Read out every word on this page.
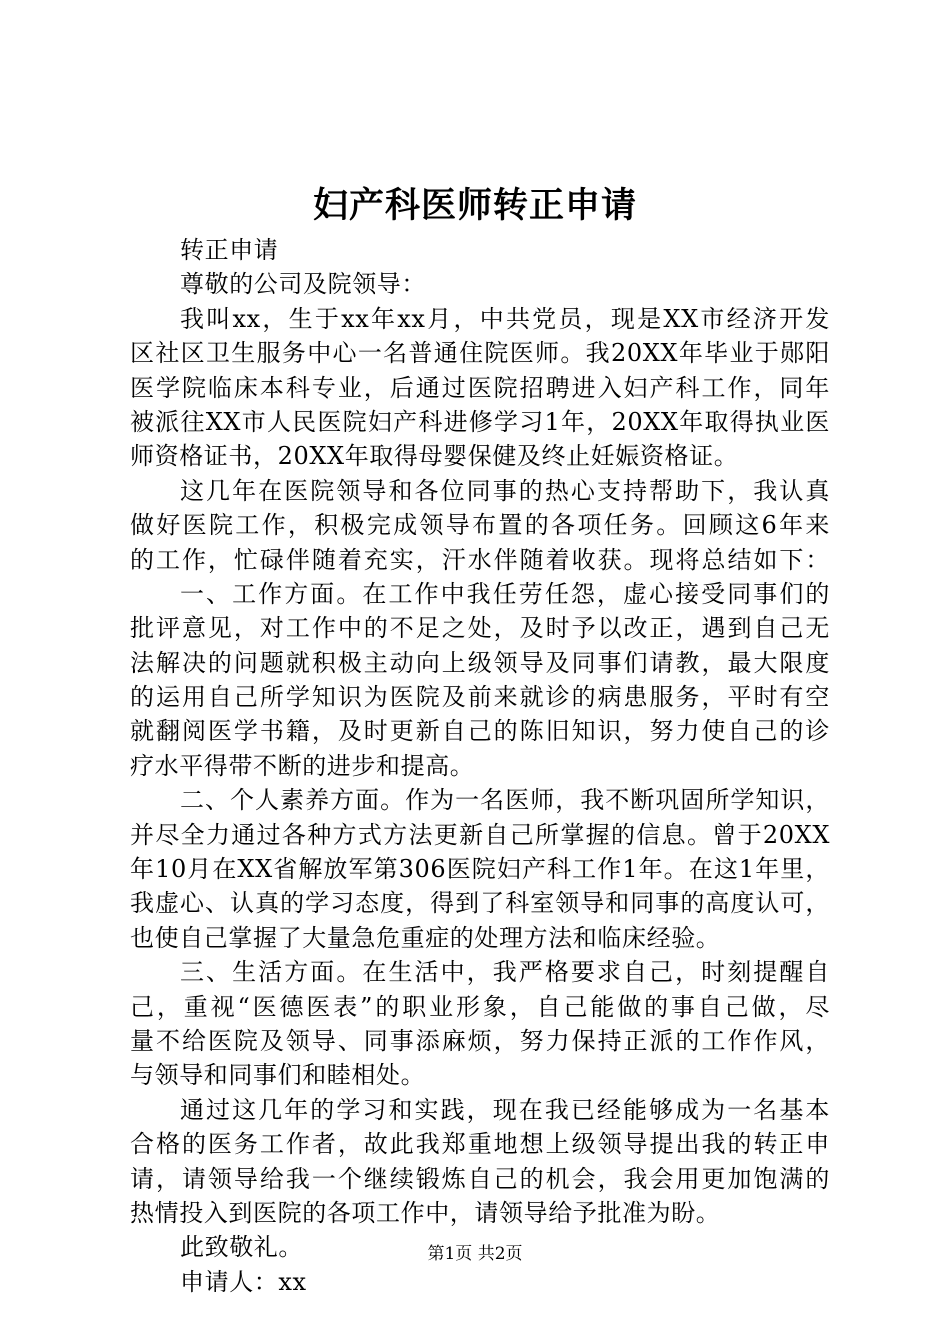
妇产科医师转正申请
转正申请
尊敬的公司及院领导：
我叫xx，生于xx年xx月，中共党员，现是XX市经济开发
区社区卫生服务中心一名普通住院医师。我20XX年毕业于郧阳
医学院临床本科专业，后通过医院招聘进入妇产科工作，同年
被派往XX市人民医院妇产科进修学习1年，20XX年取得执业医
师资格证书，20XX年取得母婴保健及终止妊娠资格证。
这几年在医院领导和各位同事的热心支持帮助下，我认真
做好医院工作，积极完成领导布置的各项任务。回顾这6年来
的工作，忙碌伴随着充实，汗水伴随着收获。现将总结如下：
一、工作方面。在工作中我任劳任怨，虚心接受同事们的
批评意见，对工作中的不足之处，及时予以改正，遇到自己无
法解决的问题就积极主动向上级领导及同事们请教，最大限度
的运用自己所学知识为医院及前来就诊的病患服务，平时有空
就翻阅医学书籍，及时更新自己的陈旧知识，努力使自己的诊
疗水平得带不断的进步和提高。
二、个人素养方面。作为一名医师，我不断巩固所学知识，
并尽全力通过各种方式方法更新自己所掌握的信息。曾于20XX
年10月在XX省解放军第306医院妇产科工作1年。在这1年里，
我虚心、认真的学习态度，得到了科室领导和同事的高度认可，
也使自己掌握了大量急危重症的处理方法和临床经验。
三、生活方面。在生活中，我严格要求自己，时刻提醒自
己，重视“医德医表”的职业形象，自己能做的事自己做，尽
量不给医院及领导、同事添麻烦，努力保持正派的工作作风，
与领导和同事们和睦相处。
通过这几年的学习和实践，现在我已经能够成为一名基本
合格的医务工作者，故此我郑重地想上级领导提出我的转正申
请，请领导给我一个继续锻炼自己的机会，我会用更加饱满的
热情投入到医院的各项工作中，请领导给予批准为盼。
此致敬礼。
申请人：xx
第1页 共2页
